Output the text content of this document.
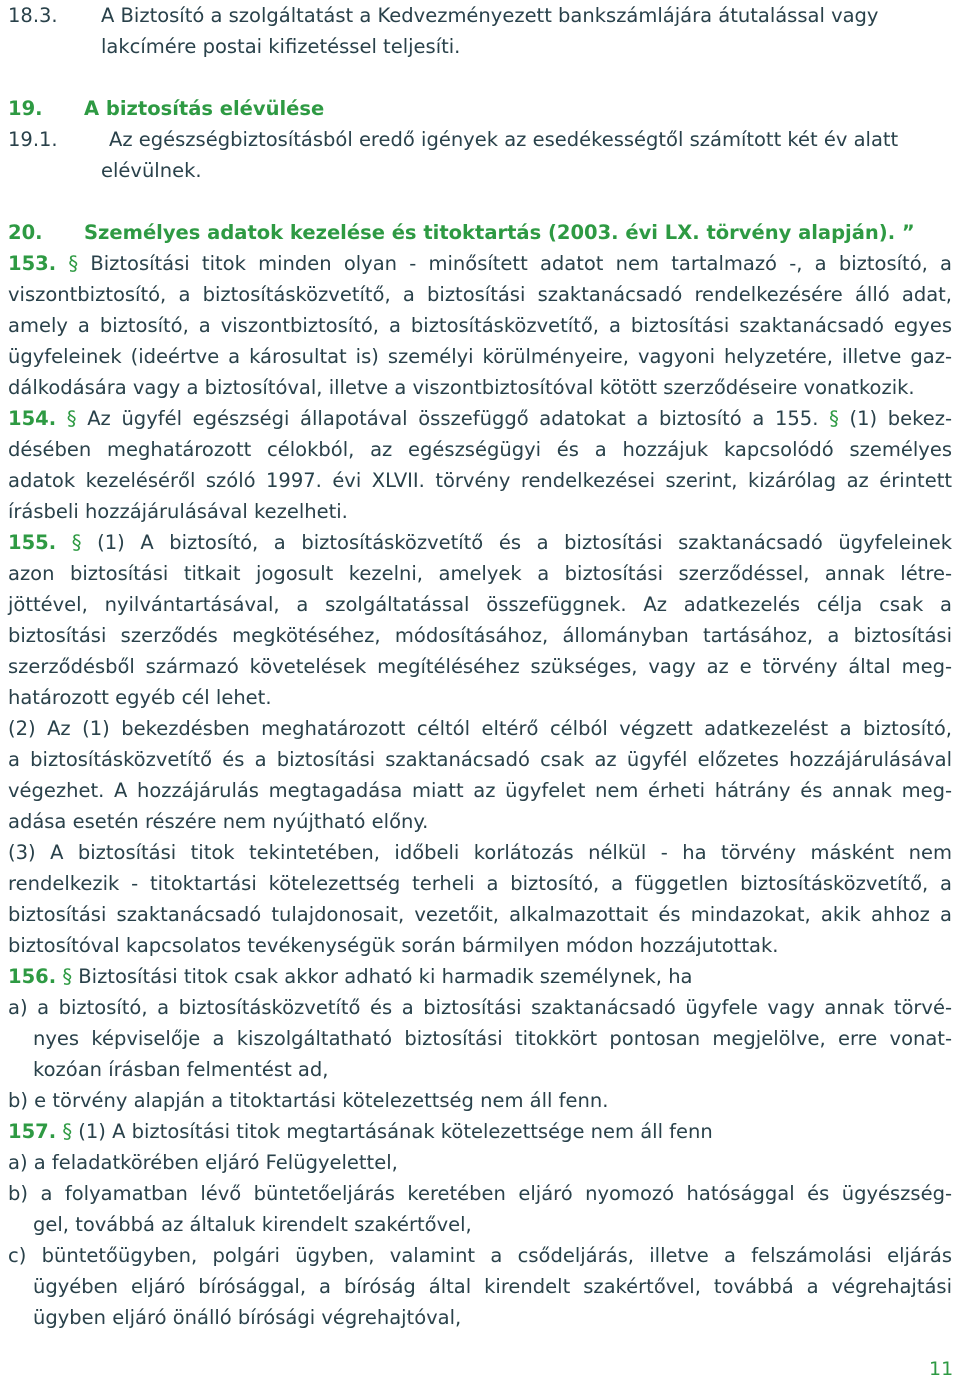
18.3. A Biztosító a szolgáltatást a Kedvezményezett bankszámlájára átutalással vagy
lakcímére postai kifizetéssel teljesíti.
19. A biztosítás elévülése
19.1.	Az egészségbiztosításból eredő igények az esedékességtől számított két év alatt
elévülnek.
20. Személyes adatok kezelése és titoktartás (2003. évi LX. törvény alapján). ”
153. § Biztosítási titok minden olyan - minősített adatot nem tartalmazó -, a biztosító, a
viszontbiztosító, a biztosításközvetítő, a biztosítási szaktanácsadó rendelkezésére álló adat,
amely a biztosító, a viszontbiztosító, a biztosításközvetítő, a biztosítási szaktanácsadó egyes
ügyfeleinek (ideértve a károsultat is) személyi körülményeire, vagyoni helyzetére, illetve gaz-
dálkodására vagy a biztosítóval, illetve a viszontbiztosítóval kötött szerződéseire vonatkozik.
154. § Az ügyfél egészségi állapotával összefüggő adatokat a biztosító a 155. § (1) bekez-
désében meghatározott célokból, az egészségügyi és a hozzájuk kapcsolódó személyes
adatok kezeléséről szóló 1997. évi XLVII. törvény rendelkezései szerint, kizárólag az érintett
írásbeli hozzájárulásával kezelheti.
155. § (1) A biztosító, a biztosításközvetítő és a biztosítási szaktanácsadó ügyfeleinek
azon biztosítási titkait jogosult kezelni, amelyek a biztosítási szerződéssel, annak létre-
jöttével, nyilvántartásával, a szolgáltatással összefüggnek. Az adatkezelés célja csak a
biztosítási szerződés megkötéséhez, módosításához, állományban tartásához, a biztosítási
szerződésből származó követelések megítéléséhez szükséges, vagy az e törvény által meg-
határozott egyéb cél lehet.
(2) Az (1) bekezdésben meghatározott céltól eltérő célból végzett adatkezelést a biztosító,
a biztosításközvetítő és a biztosítási szaktanácsadó csak az ügyfél előzetes hozzájárulásával
végezhet. A hozzájárulás megtagadása miatt az ügyfelet nem érheti hátrány és annak meg-
adása esetén részére nem nyújtható előny.
(3) A biztosítási titok tekintetében, időbeli korlátozás nélkül - ha törvény másként nem
rendelkezik - titoktartási kötelezettség terheli a biztosító, a független biztosításközvetítő, a
biztosítási szaktanácsadó tulajdonosait, vezetőit, alkalmazottait és mindazokat, akik ahhoz a
biztosítóval kapcsolatos tevékenységük során bármilyen módon hozzájutottak.
156. § Biztosítási titok csak akkor adható ki harmadik személynek, ha
a) a biztosító, a biztosításközvetítő és a biztosítási szaktanácsadó ügyfele vagy annak törvé-
nyes képviselője a kiszolgáltatható biztosítási titokkört pontosan megjelölve, erre vonat-
kozóan írásban felmentést ad,
b) e törvény alapján a titoktartási kötelezettség nem áll fenn.
157. § (1) A biztosítási titok megtartásának kötelezettsége nem áll fenn
a) a feladatkörében eljáró Felügyelettel,
b) a folyamatban lévő büntetőeljárás keretében eljáró nyomozó hatósággal és ügyészség-
gel, továbbá az általuk kirendelt szakértővel,
c) büntetőügyben, polgári ügyben, valamint a csődeljárás, illetve a felszámolási eljárás
ügyében eljáró bírósággal, a bíróság által kirendelt szakértővel, továbbá a végrehajtási
ügyben eljáró önálló bírósági végrehajtóval,
11
